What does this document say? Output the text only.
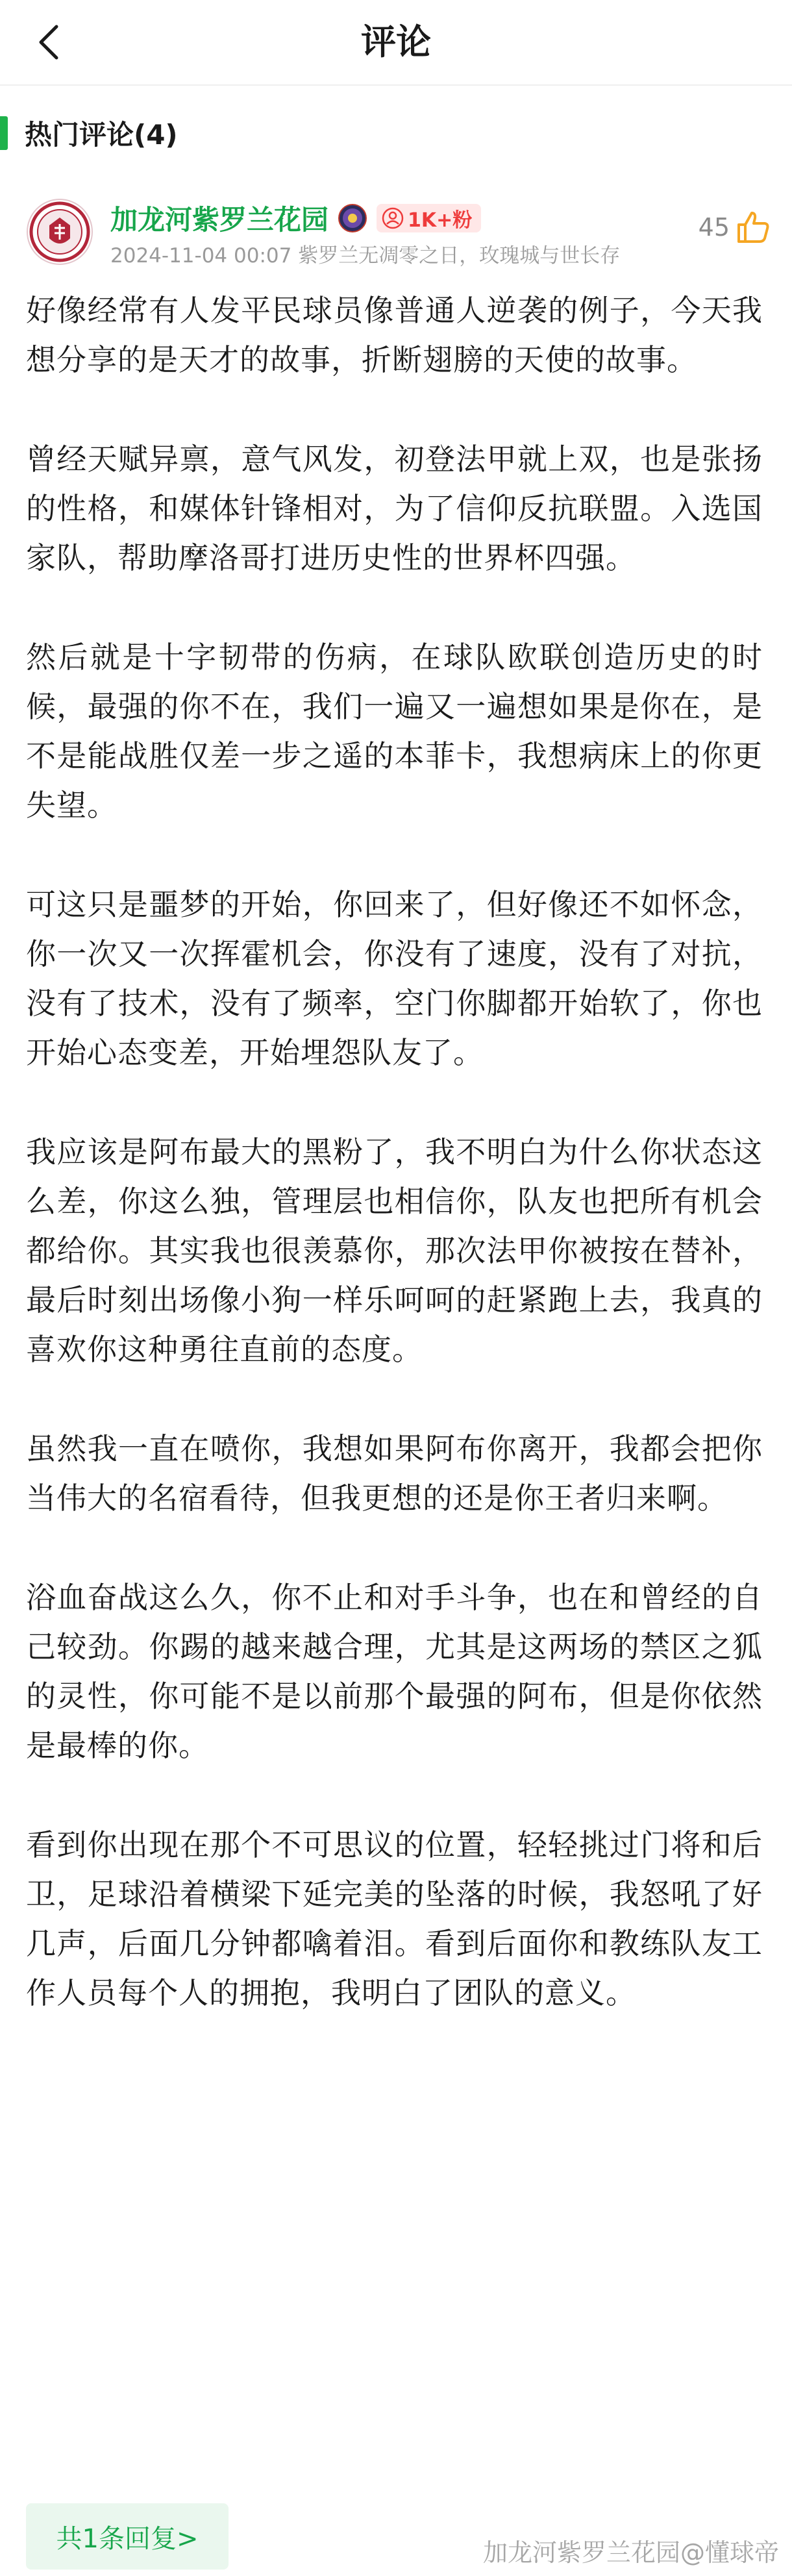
评论
热门评论(4)
加龙河紫罗兰花园	1K+粉
2024-11-04 00:07 紫罗兰无凋零之日，玫瑰城与世长存
45

好像经常有人发平民球员像普通人逆袭的例子，今天我想分享的是天才的故事，折断翅膀的天使的故事。

曾经天赋异禀，意气风发，初登法甲就上双，也是张扬的性格，和媒体针锋相对，为了信仰反抗联盟。入选国家队，帮助摩洛哥打进历史性的世界杯四强。

然后就是十字韧带的伤病，在球队欧联创造历史的时候，最强的你不在，我们一遍又一遍想如果是你在，是不是能战胜仅差一步之遥的本菲卡，我想病床上的你更失望。

可这只是噩梦的开始，你回来了，但好像还不如怀念，你一次又一次挥霍机会，你没有了速度，没有了对抗，没有了技术，没有了频率，空门你脚都开始软了，你也开始心态变差，开始埋怨队友了。

我应该是阿布最大的黑粉了，我不明白为什么你状态这么差，你这么独，管理层也相信你，队友也把所有机会都给你。其实我也很羡慕你，那次法甲你被按在替补，最后时刻出场像小狗一样乐呵呵的赶紧跑上去，我真的喜欢你这种勇往直前的态度。

虽然我一直在喷你，我想如果阿布你离开，我都会把你当伟大的名宿看待，但我更想的还是你王者归来啊。

浴血奋战这么久，你不止和对手斗争，也在和曾经的自己较劲。你踢的越来越合理，尤其是这两场的禁区之狐的灵性，你可能不是以前那个最强的阿布，但是你依然是最棒的你。

看到你出现在那个不可思议的位置，轻轻挑过门将和后卫，足球沿着横梁下延完美的坠落的时候，我怒吼了好几声，后面几分钟都噙着泪。看到后面你和教练队友工作人员每个人的拥抱，我明白了团队的意义。

共1条回复>	加龙河紫罗兰花园@懂球帝
